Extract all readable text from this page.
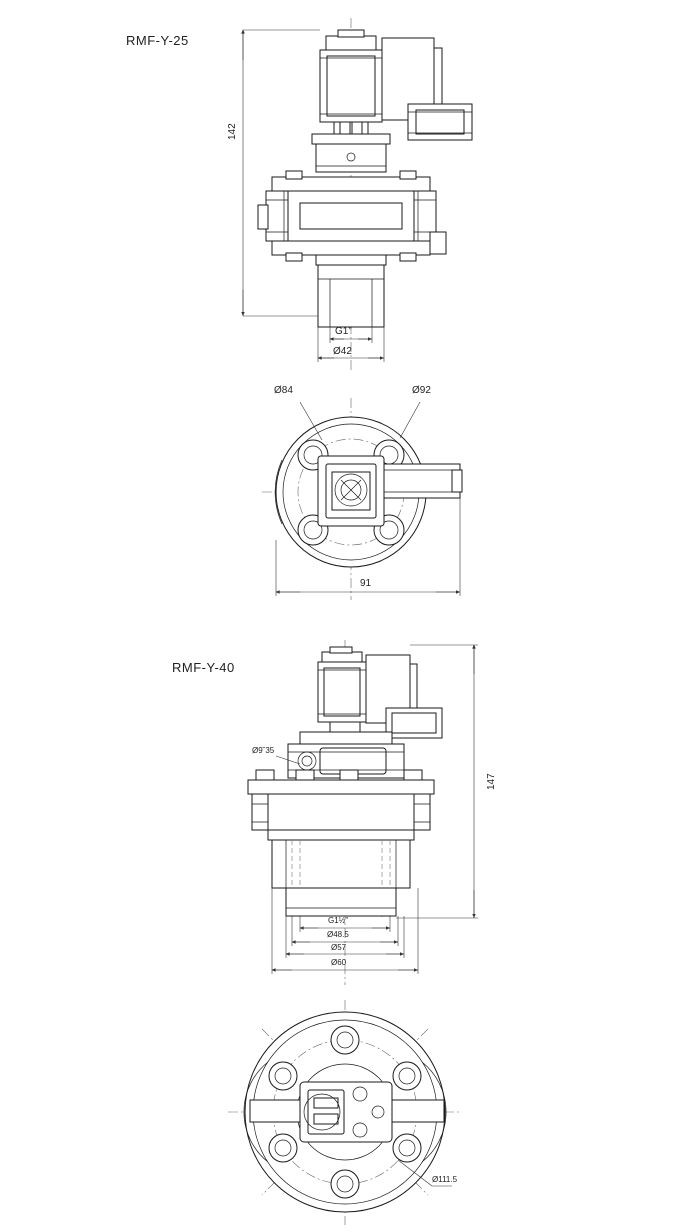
RMF-Y-25
142
G1”
Ø42
Ø84	Ø92
91
RMF-Y-40
147
Ø9˘35
G1½”
Ø48.5
Ø57
Ø60
Ø111.5
